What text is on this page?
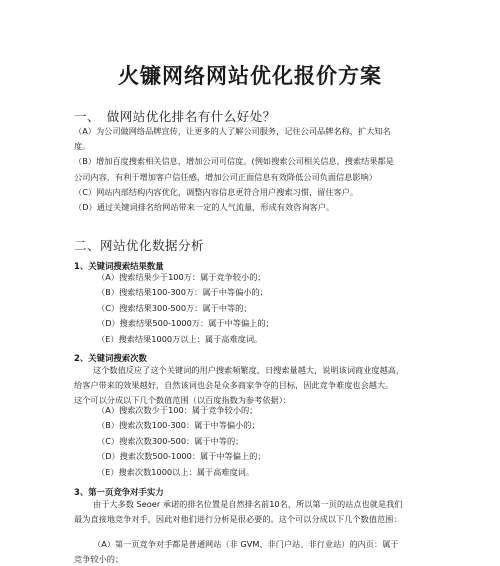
火镰网络网站优化报价方案
一、　做网站优化排名有什么好处？
（A）为公司做网络品牌宣传，让更多的人了解公司服务，记住公司品牌名称，扩大知名
度。
（B）增加百度搜索相关信息，增加公司可信度。(例如搜索公司相关信息，搜索结果都是
公司内容，有利于增加客户信任感，增加公司正面信息有效降低公司负面信息影响）
（C）网站内部结构内容优化，调整内容信息更符合用户搜索习惯，留住客户。
（D）通过关键词排名给网站带来一定的人气流量，形成有效咨询客户。
二、网站优化数据分析
1、关键词搜索结果数量
（A）搜索结果少于100万：属于竞争较小的；
（B）搜索结果100-300万：属于中等偏小的；
（C）搜索结果300-500万：属于中等的；
（D）搜索结果500-1000万：属于中等偏上的；
（E）搜索结果1000万以上：属于高难度词。
2、关键词搜索次数
这个数值反应了这个关键词的用户搜索频繁度，日搜索量越大，说明该词商业度越高，
给客户带来的效果越好，自然该词也会是众多商家争夺的目标，因此竞争难度也会越大。
这个可以分成以下几个数值范围（以百度指数为参考依据）：
（A）搜索次数少于100：属于竞争较小的；
（B）搜索次数100-300：属于中等偏小的；
（C）搜索次数300-500：属于中等的；
（D）搜索次数500-1000：属于中等偏上的；
（E）搜索次数1000以上：属于高难度词。
3、第一页竞争对手实力
由于大多数 Seoer 承诺的排名位置是自然排名前10名，所以第一页的站点也就是我们
最为直接地竞争对手，因此对他们进行分析是很必要的。这个可以分成以下几个数值范围：
（A）第一页竞争对手都是普通网站（非 GVM、非门户站、非行业站）的内页：属于
竞争较小的；
